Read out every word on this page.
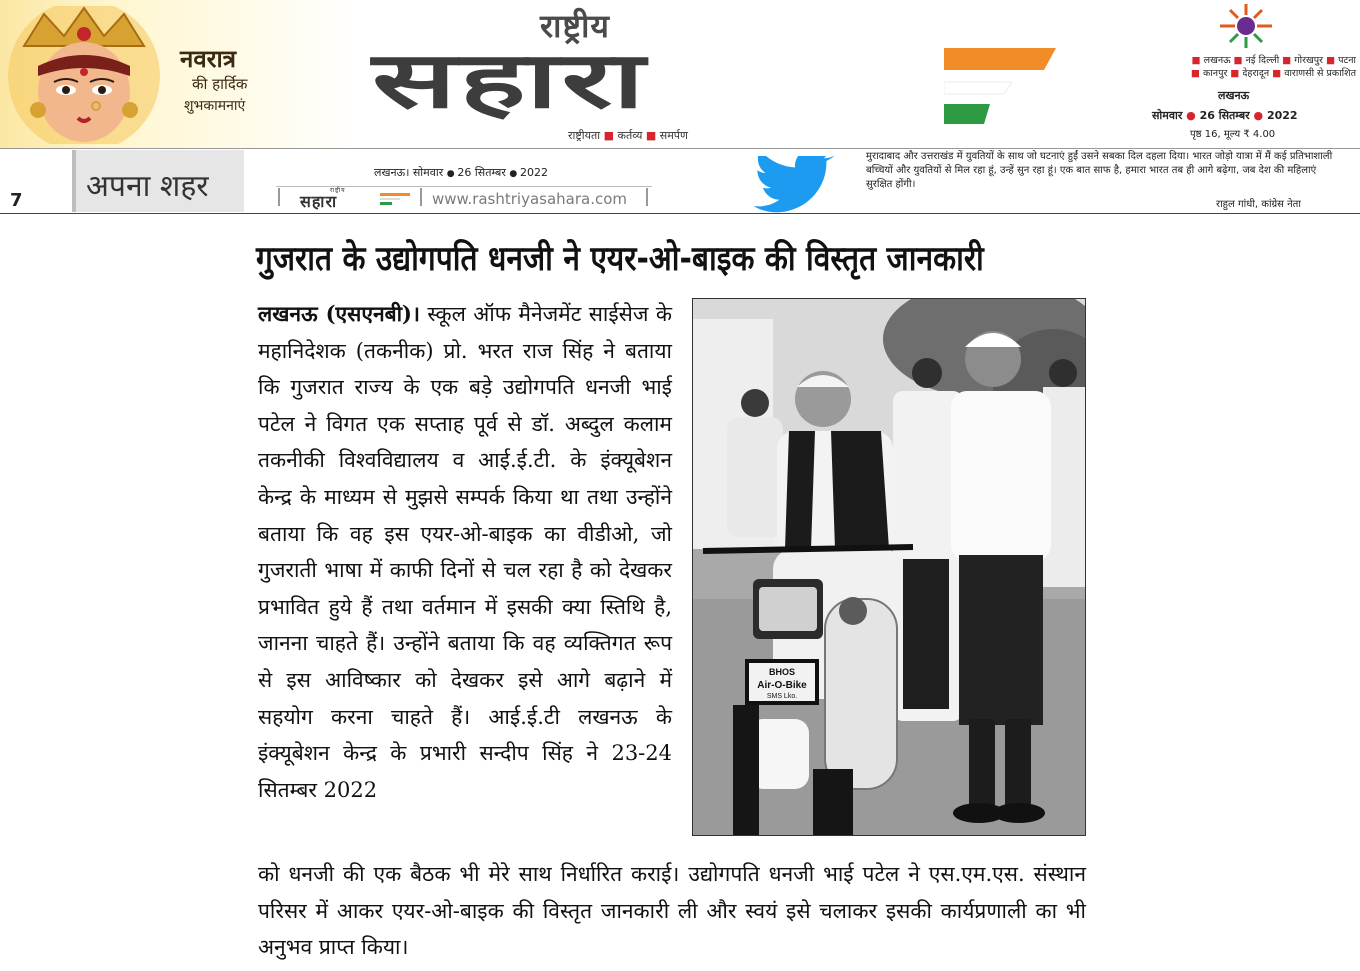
नवरात्र
की हार्दिक
शुभकामनाएं
राष्ट्रीय
सहारा
राष्ट्रीयता ■ कर्तव्य ■ समर्पण
■ लखनऊ ■ नई दिल्ली ■ गोरखपुर ■ पटना
■ कानपुर ■ देहरादून ■ वाराणसी से प्रकाशित
लखनऊ
सोमवार ● 26 सितम्बर ● 2022
पृष्ठ 16, मूल्य ₹ 4.00
7 अपना शहर	लखनऊ। सोमवार ● 26 सितम्बर ● 2022
राष्ट्रीय
सहारा	www.rashtriyasahara.com
मुरादाबाद और उत्तराखंड में युवतियों के साथ जो घटनाएं हुईं उसने सबका दिल दहला दिया। भारत जोड़ो यात्रा में मैं कई प्रतिभाशाली बच्चियों और युवतियों से मिल रहा हूं, उन्हें सुन रहा हूं। एक बात साफ है, हमारा भारत तब ही आगे बढ़ेगा, जब देश की महिलाएं सुरक्षित होंगी।
राहुल गांधी, कांग्रेस नेता
गुजरात के उद्योगपति धनजी ने एयर-ओ-बाइक की विस्तृत जानकारी
लखनऊ (एसएनबी)। स्कूल ऑफ मैनेजमेंट साईसेज के महानिदेशक (तकनीक) प्रो. भरत राज सिंह ने बताया कि गुजरात राज्य के एक बड़े उद्योगपति धनजी भाई पटेल ने विगत एक सप्ताह पूर्व से डॉ. अब्दुल कलाम तकनीकी विश्वविद्यालय व आई.ई.टी. के इंक्यूबेशन केन्द्र के माध्यम से मुझसे सम्पर्क किया था तथा उन्होंने बताया कि वह इस एयर-ओ-बाइक का वीडीओ, जो गुजराती भाषा में काफी दिनों से चल रहा है को देखकर प्रभावित हुये हैं तथा वर्तमान में इसकी क्या स्तिथि है, जानना चाहते हैं। उन्होंने बताया कि वह व्यक्तिगत रूप से इस आविष्कार को देखकर इसे आगे बढ़ाने में सहयोग करना चाहते हैं। आई.ई.टी लखनऊ के इंक्यूबेशन केन्द्र के प्रभारी सन्दीप सिंह ने 23-24 सितम्बर 2022
BHOS
Air-O-Bike
SMS Lko.
को धनजी की एक बैठक भी मेरे साथ निर्धारित कराई। उद्योगपति धनजी भाई पटेल ने एस.एम.एस. संस्थान परिसर में आकर एयर-ओ-बाइक की विस्तृत जानकारी ली और स्वयं इसे चलाकर इसकी कार्यप्रणाली का भी अनुभव प्राप्त किया।
